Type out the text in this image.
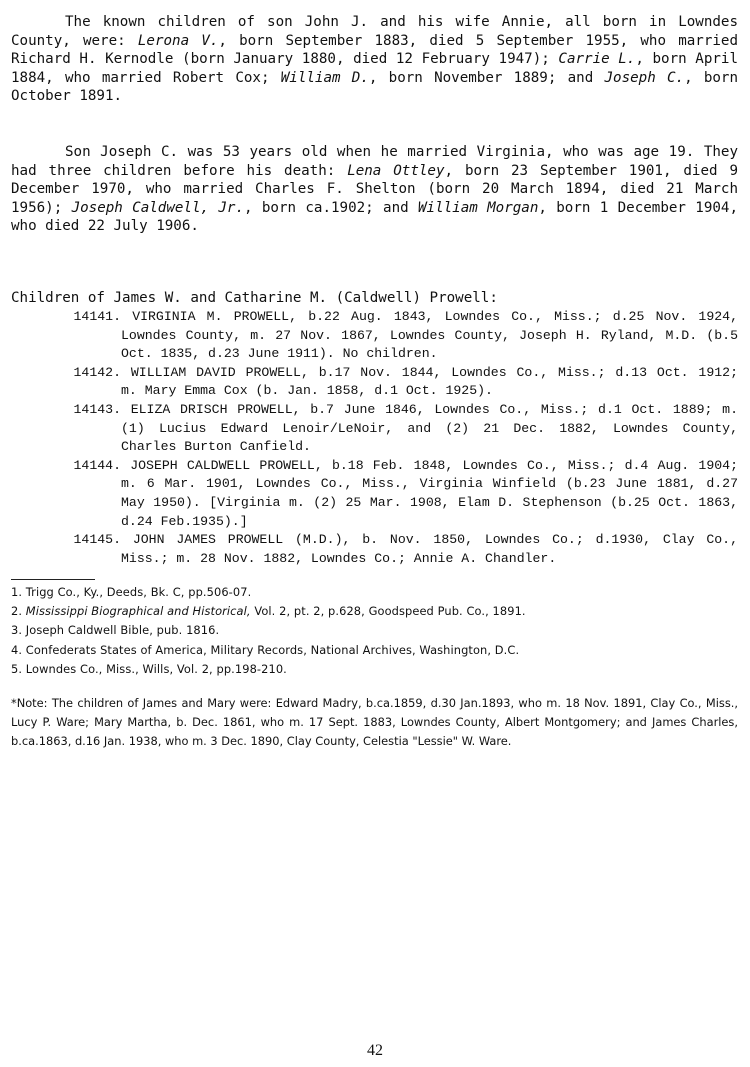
The known children of son John J. and his wife Annie, all born in Lowndes County, were: Lerona V., born September 1883, died 5 September 1955, who married Richard H. Kernodle (born January 1880, died 12 February 1947); Carrie L., born April 1884, who married Robert Cox; William D., born November 1889; and Joseph C., born October 1891.
Son Joseph C. was 53 years old when he married Virginia, who was age 19. They had three children before his death: Lena Ottley, born 23 September 1901, died 9 December 1970, who married Charles F. Shelton (born 20 March 1894, died 21 March 1956); Joseph Caldwell, Jr., born ca.1902; and William Morgan, born 1 December 1904, who died 22 July 1906.
Children of James W. and Catharine M. (Caldwell) Prowell:
14141. VIRGINIA M. PROWELL, b.22 Aug. 1843, Lowndes Co., Miss.; d.25 Nov. 1924, Lowndes County, m. 27 Nov. 1867, Lowndes County, Joseph H. Ryland, M.D. (b.5 Oct. 1835, d.23 June 1911). No children.
14142. WILLIAM DAVID PROWELL, b.17 Nov. 1844, Lowndes Co., Miss.; d.13 Oct. 1912; m. Mary Emma Cox (b. Jan. 1858, d.1 Oct. 1925).
14143. ELIZA DRISCH PROWELL, b.7 June 1846, Lowndes Co., Miss.; d.1 Oct. 1889; m. (1) Lucius Edward Lenoir/LeNoir, and (2) 21 Dec. 1882, Lowndes County, Charles Burton Canfield.
14144. JOSEPH CALDWELL PROWELL, b.18 Feb. 1848, Lowndes Co., Miss.; d.4 Aug. 1904; m. 6 Mar. 1901, Lowndes Co., Miss., Virginia Winfield (b.23 June 1881, d.27 May 1950). [Virginia m. (2) 25 Mar. 1908, Elam D. Stephenson (b.25 Oct. 1863, d.24 Feb.1935).]
14145. JOHN JAMES PROWELL (M.D.), b. Nov. 1850, Lowndes Co.; d.1930, Clay Co., Miss.; m. 28 Nov. 1882, Lowndes Co.; Annie A. Chandler.
1. Trigg Co., Ky., Deeds, Bk. C, pp.506-07.
2. Mississippi Biographical and Historical, Vol. 2, pt. 2, p.628, Goodspeed Pub. Co., 1891.
3. Joseph Caldwell Bible, pub. 1816.
4. Confederats States of America, Military Records, National Archives, Washington, D.C.
5. Lowndes Co., Miss., Wills, Vol. 2, pp.198-210.
*Note: The children of James and Mary were: Edward Madry, b.ca.1859, d.30 Jan.1893, who m. 18 Nov. 1891, Clay Co., Miss., Lucy P. Ware; Mary Martha, b. Dec. 1861, who m. 17 Sept. 1883, Lowndes County, Albert Montgomery; and James Charles, b.ca.1863, d.16 Jan. 1938, who m. 3 Dec. 1890, Clay County, Celestia "Lessie" W. Ware.
42
